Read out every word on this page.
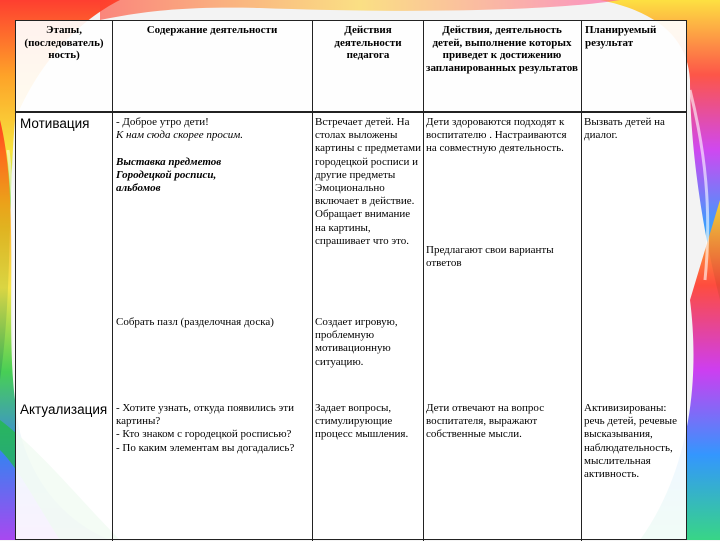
Этапы, (последователь) ность)
Содержание деятельности	Действия деятельности педагога
Действия, деятельность детей, выполнение которых приведет к достижению запланированных результатов
Планируемый результат
Мотивация
Актуализация

- Доброе утро дети!

К нам сюда скорее просим.

Выставка предметов Городецкой росписи, альбомов
Собрать пазл (разделочная доска)

- Хотите узнать, откуда появились эти картины?

- Кто знаком с городецкой росписью?

- По каким элементам вы догадались?

Встречает детей. На столах выложены картины с предметами городецкой росписи и другие предметы Эмоционально включает в действие. Обращает внимание на картины, спрашивает что это.
Создает игровую, проблемную мотивационную ситуацию.
Задает вопросы, стимулирующие процесс мышления.
Дети здороваются подходят к воспитателю . Настраиваются на совместную деятельность.
Предлагают свои варианты ответов
Дети отвечают на вопрос воспитателя, выражают собственные мысли.
Вызвать детей на диалог.
Активизированы: речь детей, речевые высказывания, наблюдательность, мыслительная активность.
